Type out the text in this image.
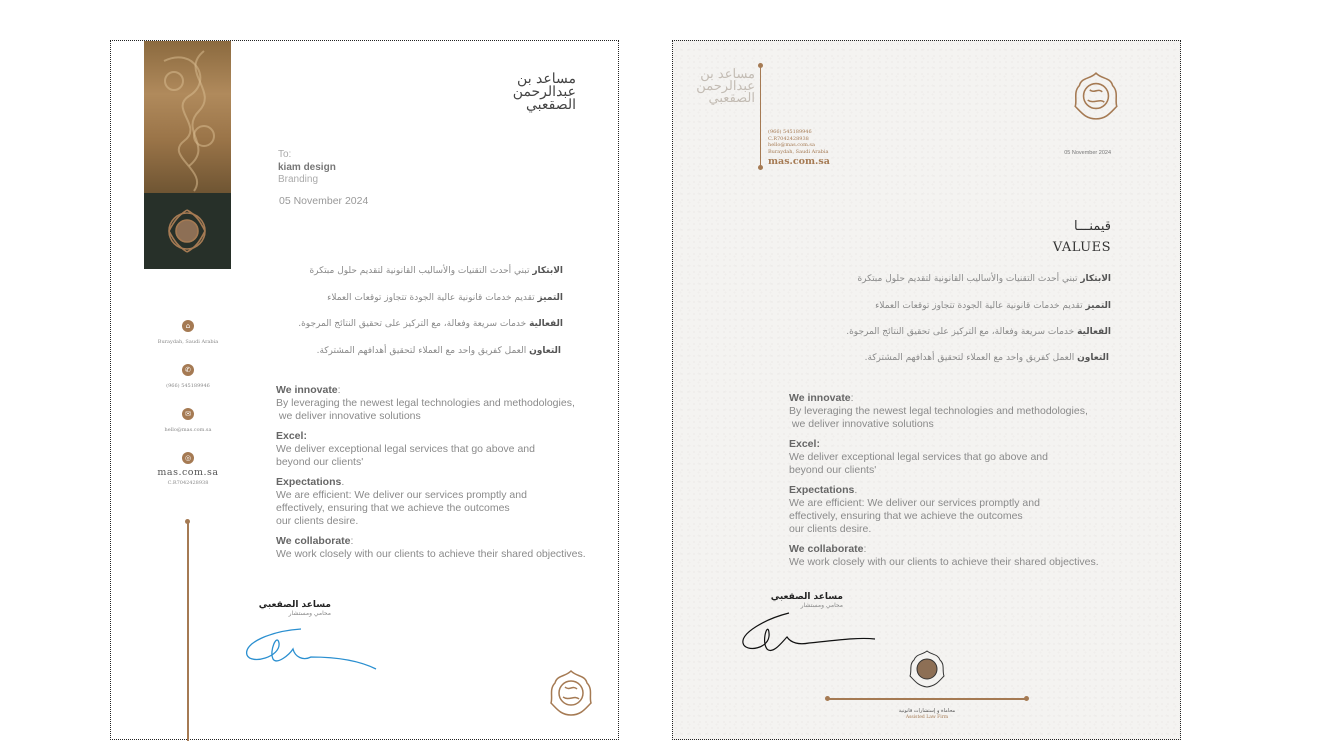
⌂
Buraydah, Saudi Arabia
✆
(966) 545189946
✉
hello@mas.com.sa
◎
mas.com.sa
C.R7042428938
مساعد بن
عبدالرحمن
الصقعبي
To:
kiam design
Branding
05 November 2024
الابتكار تبني أحدث التقنيات والأساليب القانونية لتقديم حلول مبتكرة
التميز تقديم خدمات قانونية عالية الجودة تتجاوز توقعات العملاء
الفعالية خدمات سريعة وفعالة، مع التركيز على تحقيق النتائج المرجوة.
التعاون العمل كفريق واحد مع العملاء لتحقيق أهدافهم المشتركة.
We innovate:
By leveraging the newest legal technologies and methodologies,
we deliver innovative solutions
Excel:
We deliver exceptional legal services that go above and
beyond our clients'
Expectations.
We are efficient: We deliver our services promptly and
effectively, ensuring that we achieve the outcomes
our clients desire.
We collaborate:
We work closely with our clients to achieve their shared objectives.
مساعد الصقعبي
محامي ومستشار
مساعد بن
عبدالرحمن
الصقعبي
(966) 545189946
C.R7042428938
hello@mas.com.sa
Buraydah, Saudi Arabia
mas.com.sa
05 November 2024
قيمنـــا
VALUES
الابتكار تبني أحدث التقنيات والأساليب القانونية لتقديم حلول مبتكرة
التميز تقديم خدمات قانونية عالية الجودة تتجاوز توقعات العملاء
الفعالية خدمات سريعة وفعالة، مع التركيز على تحقيق النتائج المرجوة.
التعاون العمل كفريق واحد مع العملاء لتحقيق أهدافهم المشتركة.
We innovate:
By leveraging the newest legal technologies and methodologies,
we deliver innovative solutions
Excel:
We deliver exceptional legal services that go above and
beyond our clients'
Expectations.
We are efficient: We deliver our services promptly and
effectively, ensuring that we achieve the outcomes
our clients desire.
We collaborate:
We work closely with our clients to achieve their shared objectives.
مساعد الصقعبي
محامي ومستشار
محاماة و إستشارات قانونية
Assisted Law Firm
